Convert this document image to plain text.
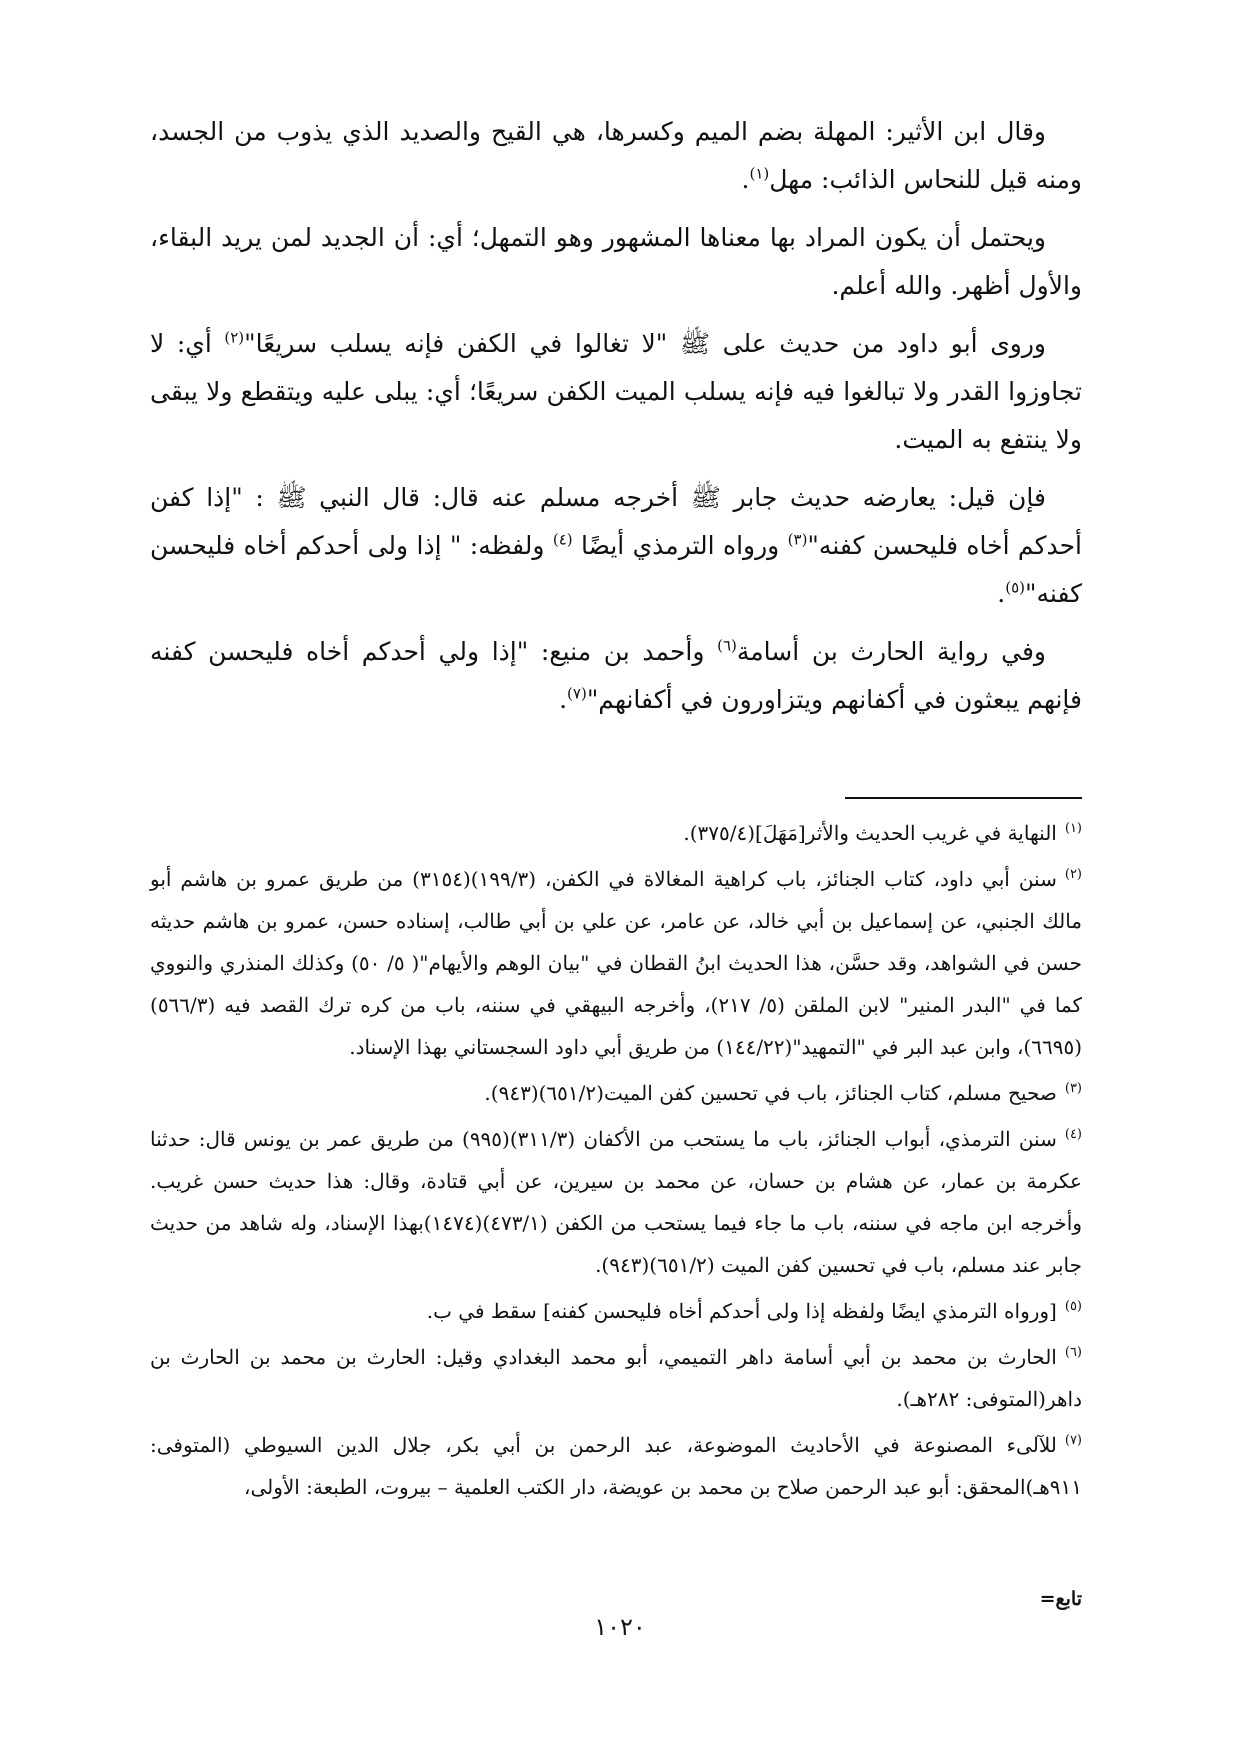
وقال ابن الأثير: المهلة بضم الميم وكسرها، هي القيح والصديد الذي يذوب من الجسد، ومنه قيل للنحاس الذائب: مهل$^{(١)}$.

ويحتمل أن يكون المراد بها معناها المشهور وهو التمهل؛ أي: أن الجديد لمن يريد البقاء، والأول أظهر. والله أعلم.

وروى أبو داود من حديث على ﷺ "لا تغالوا في الكفن فإنه يسلب سريعًا"$^{(٢)}$ أي: لا تجاوزوا القدر ولا تبالغوا فيه فإنه يسلب الميت الكفن سريعًا؛ أي: يبلى عليه ويتقطع ولا يبقى ولا ينتفع به الميت.

فإن قيل: يعارضه حديث جابر ﷺ أخرجه مسلم عنه قال: قال النبي ﷺ : "إذا كفن أحدكم أخاه فليحسن كفنه"$^{(٣)}$ ورواه الترمذي أيضًا $^{(٤)}$ ولفظه: " إذا ولى أحدكم أخاه فليحسن كفنه"$^{(٥)}$.

وفي رواية الحارث بن أسامة$^{(٦)}$ وأحمد بن منيع: "إذا ولي أحدكم أخاه فليحسن كفنه فإنهم يبعثون في أكفانهم ويتزاورون في أكفانهم"$^{(٧)}$.

$^{(١)}$النهاية في غريب الحديث والأثر[مَهَلَ](٣٧٥/٤).
$^{(٢)}$سنن أبي داود، كتاب الجنائز، باب كراهية المغالاة في الكفن، (١٩٩/٣)(٣١٥٤) من طريق عمرو بن هاشم أبو مالك الجنبي، عن إسماعيل بن أبي خالد، عن عامر، عن علي بن أبي طالب، إسناده حسن، عمرو بن هاشم حديثه حسن في الشواهد، وقد حسَّن، هذا الحديث ابنُ القطان في "بيان الوهم والأيهام"( ٥/ ٥٠) وكذلك المنذري والنووي كما في "البدر المنير" لابن الملقن (٥/ ٢١٧)، وأخرجه البيهقي في سننه، باب من كره ترك القصد فيه (٥٦٦/٣)(٦٦٩٥)، وابن عبد البر في "التمهيد"(١٤٤/٢٢) من طريق أبي داود السجستاني بهذا الإسناد.
$^{(٣)}$صحيح مسلم، كتاب الجنائز، باب في تحسين كفن الميت(٦٥١/٢)(٩٤٣).
$^{(٤)}$سنن الترمذي، أبواب الجنائز، باب ما يستحب من الأكفان (٣١١/٣)(٩٩٥) من طريق عمر بن يونس قال: حدثنا عكرمة بن عمار، عن هشام بن حسان، عن محمد بن سيرين، عن أبي قتادة، وقال: هذا حديث حسن غريب. وأخرجه ابن ماجه في سننه، باب ما جاء فيما يستحب من الكفن (٤٧٣/١)(١٤٧٤)بهذا الإسناد، وله شاهد من حديث جابر عند مسلم، باب في تحسين كفن الميت (٦٥١/٢)(٩٤٣).
$^{(٥)}$[ورواه الترمذي ايضًا ولفظه إذا ولى أحدكم أخاه فليحسن كفنه] سقط في ب.
$^{(٦)}$الحارث بن محمد بن أبي أسامة داهر التميمي، أبو محمد البغدادي وقيل: الحارث بن محمد بن الحارث بن داهر(المتوفى: ٢٨٢هـ).
$^{(٧)}$للآلىء المصنوعة في الأحاديث الموضوعة، عبد الرحمن بن أبي بكر، جلال الدين السيوطي (المتوفى: ٩١١هـ)المحقق: أبو عبد الرحمن صلاح بن محمد بن عويضة، دار الكتب العلمية – بيروت، الطبعة: الأولى،
تابع=
١٠٢٠
